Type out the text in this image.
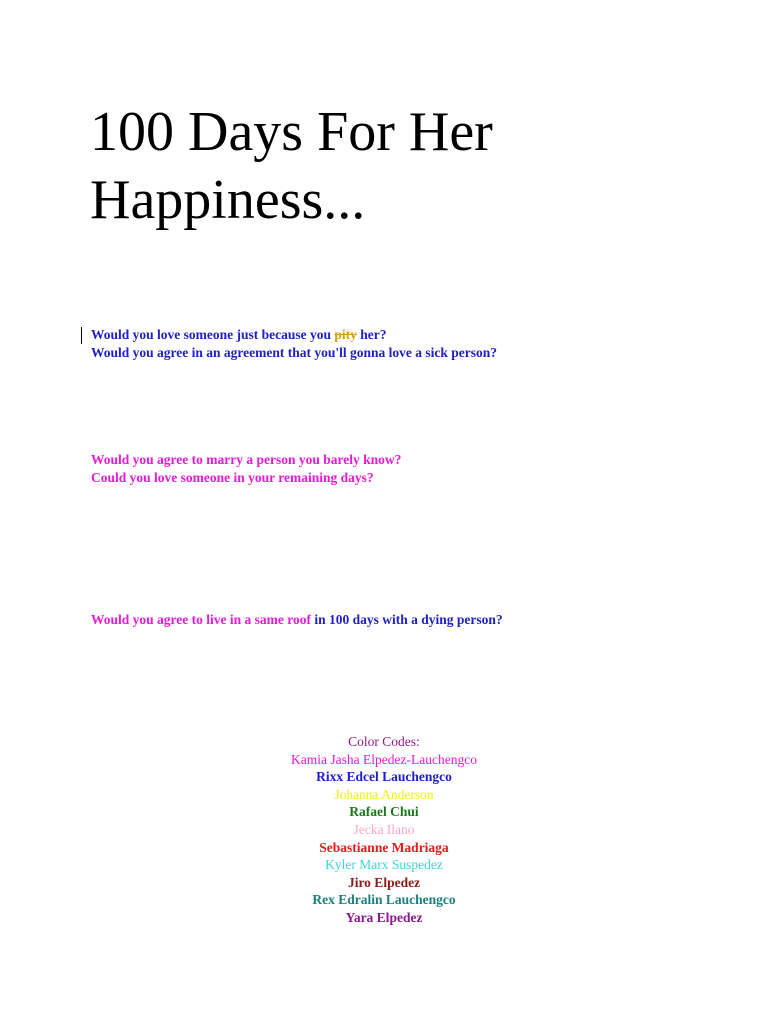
100 Days For Her
Happiness...

Would you love someone just because you pity her?
Would you agree in an agreement that you'll gonna love a sick person?

Would you agree to marry a person you barely know?
Could you love someone in your remaining days?

Would you agree to live in a same roof in 100 days with a dying person?

Color Codes:
Kamia Jasha Elpedez-Lauchengco
Rixx Edcel Lauchengco
Johanna Anderson
Rafael Chui
Jecka Ilano
Sebastianne Madriaga
Kyler Marx Suspedez
Jiro Elpedez
Rex Edralin Lauchengco
Yara Elpedez
